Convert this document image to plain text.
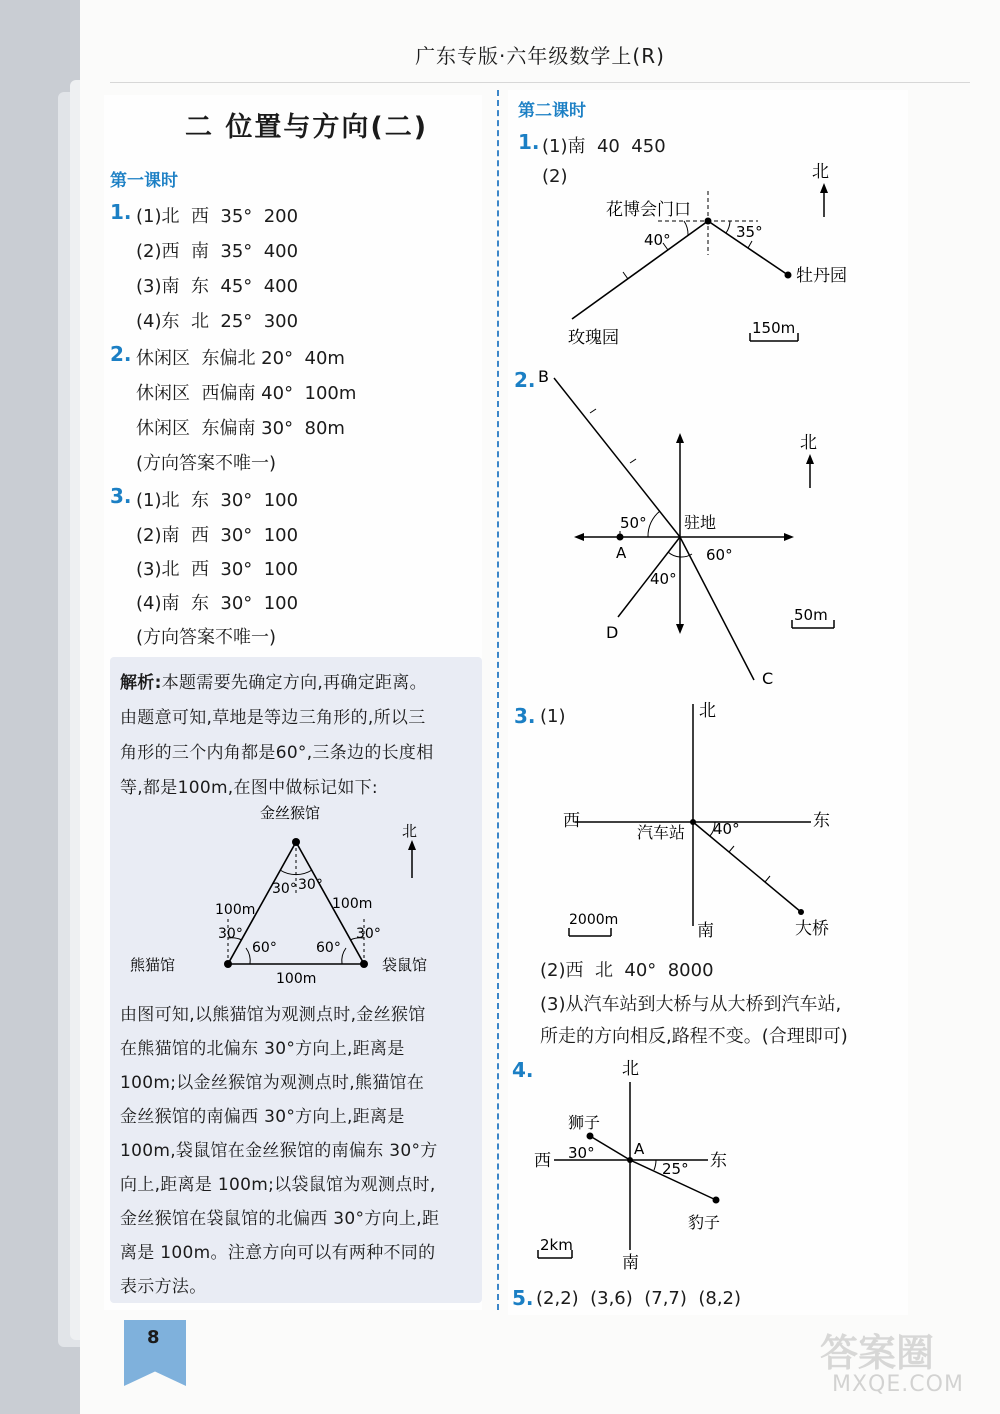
广东专版·六年级数学上(R)
二 位置与方向(二)
第一课时
1. (1)北  西  35°  200
(2)西  南  35°  400
(3)南  东  45°  400
(4)东  北  25°  300
2. 休闲区  东偏北 20°  40m
休闲区  西偏南 40°  100m
休闲区  东偏南 30°  80m
(方向答案不唯一)
3. (1)北  东  30°  100
(2)南  西  30°  100
(3)北  西  30°  100
(4)南  东  30°  100
(方向答案不唯一)
解析:本题需要先确定方向,再确定距离。
由题意可知,草地是等边三角形的,所以三
角形的三个内角都是60°,三条边的长度相
等,都是100m,在图中做标记如下:
金丝猴馆
北
30° 30°
100m	100m
30°
60°	60°
30°
熊猫馆	袋鼠馆
100m
由图可知,以熊猫馆为观测点时,金丝猴馆
在熊猫馆的北偏东 30°方向上,距离是
100m;以金丝猴馆为观测点时,熊猫馆在
金丝猴馆的南偏西 30°方向上,距离是
100m,袋鼠馆在金丝猴馆的南偏东 30°方
向上,距离是 100m;以袋鼠馆为观测点时,
金丝猴馆在袋鼠馆的北偏西 30°方向上,距
离是 100m。注意方向可以有两种不同的
表示方法。
第二课时
1. (1)南  40  450
(2)	北
花博会门口
40°	35°
牡丹园
玫瑰园	150m
2. B
C
D
A
50° 驻地
60°
40°
北
50m
3. (1)	北
西	东
汽车站 40°
南	大桥
2000m
(2)西  北  40°  8000
(3)从汽车站到大桥与从大桥到汽车站,
所走的方向相反,路程不变。(合理即可)
4.	北
西	东
狮子
30°	A
25°
豹子
2km
南
5. (2,2)  (3,6)  (7,7)  (8,2)
8	答案圈
MXQE.COM
